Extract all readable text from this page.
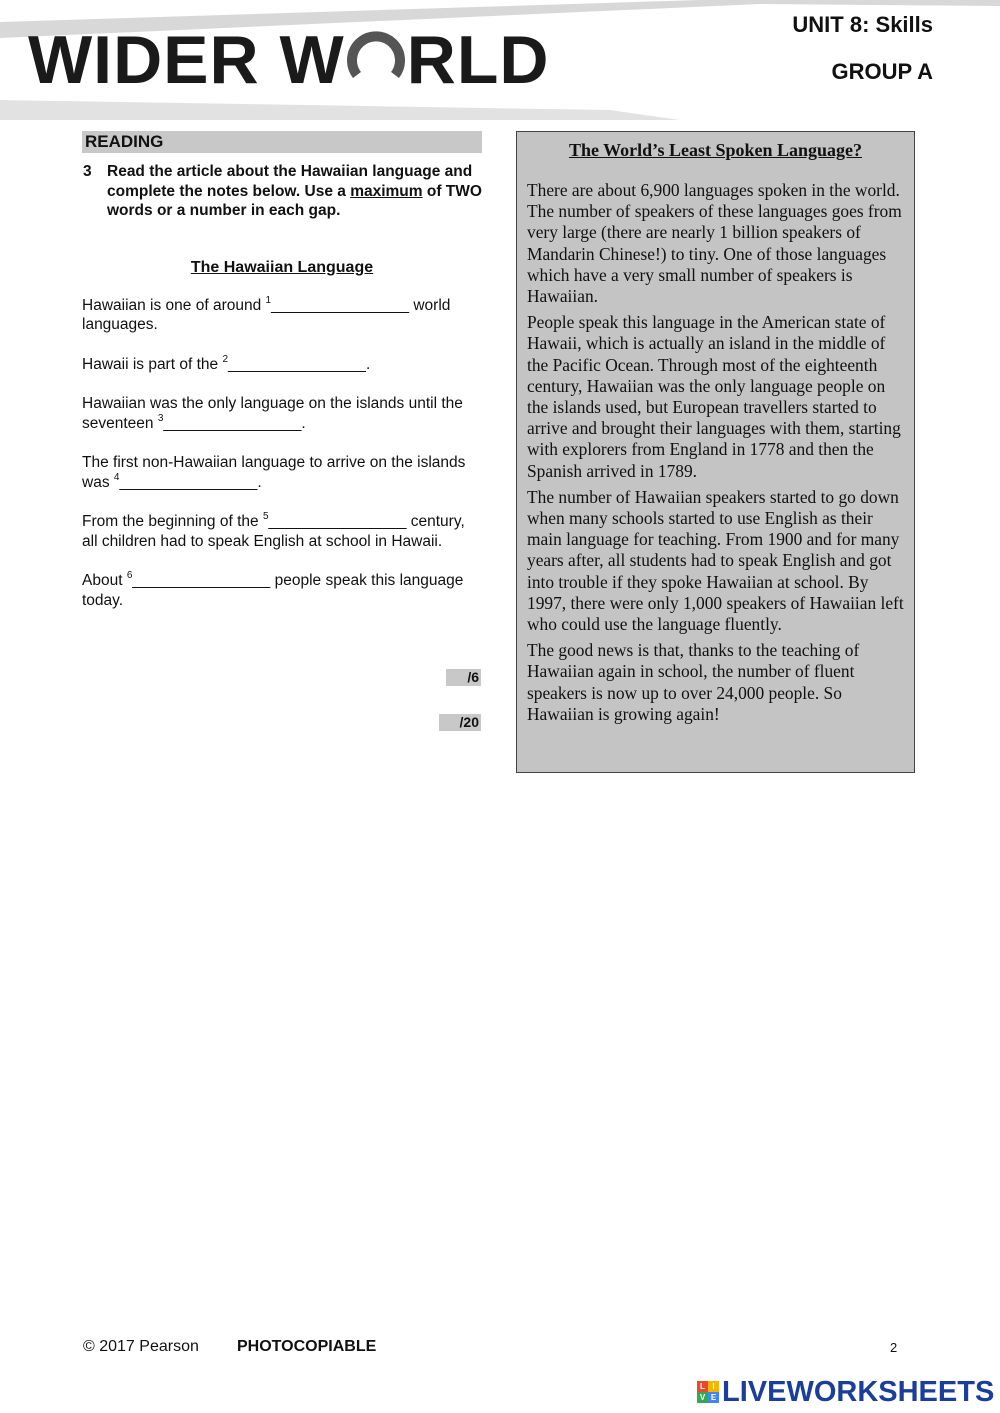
WIDER W RLD	UNIT 8: Skills
GROUP A
READING
3 Read the article about the Hawaiian language and complete the notes below. Use a maximum of TWO words or a number in each gap.
The Hawaiian Language
Hawaiian is one of around $^1$________________ world languages.
Hawaii is part of the $^2$________________.
Hawaiian was the only language on the islands until the seventeen $^3$________________.
The first non-Hawaiian language to arrive on the islands was $^4$________________.
From the beginning of the $^5$________________ century, all children had to speak English at school in Hawaii.
About $^6$________________ people speak this language today.
/6
/20
The World’s Least Spoken Language?

There are about 6,900 languages spoken in the world. The number of speakers of these languages goes from very large (there are nearly 1 billion speakers of Mandarin Chinese!) to tiny. One of those languages which have a very small number of speakers is Hawaiian.

People speak this language in the American state of Hawaii, which is actually an island in the middle of the Pacific Ocean. Through most of the eighteenth century, Hawaiian was the only language people on the islands used, but European travellers started to arrive and brought their languages with them, starting with explorers from England in 1778 and then the Spanish arrived in 1789.

The number of Hawaiian speakers started to go down when many schools started to use English as their main language for teaching. From 1900 and for many years after, all students had to speak English and got into trouble if they spoke Hawaiian at school. By 1997, there were only 1,000 speakers of Hawaiian left who could use the language fluently.

The good news is that, thanks to the teaching of Hawaiian again in school, the number of fluent speakers is now up to over 24,000 people. So Hawaiian is growing again!

© 2017 Pearson PHOTOCOPIABLE	2
L I
V E LIVEWORKSHEETS
